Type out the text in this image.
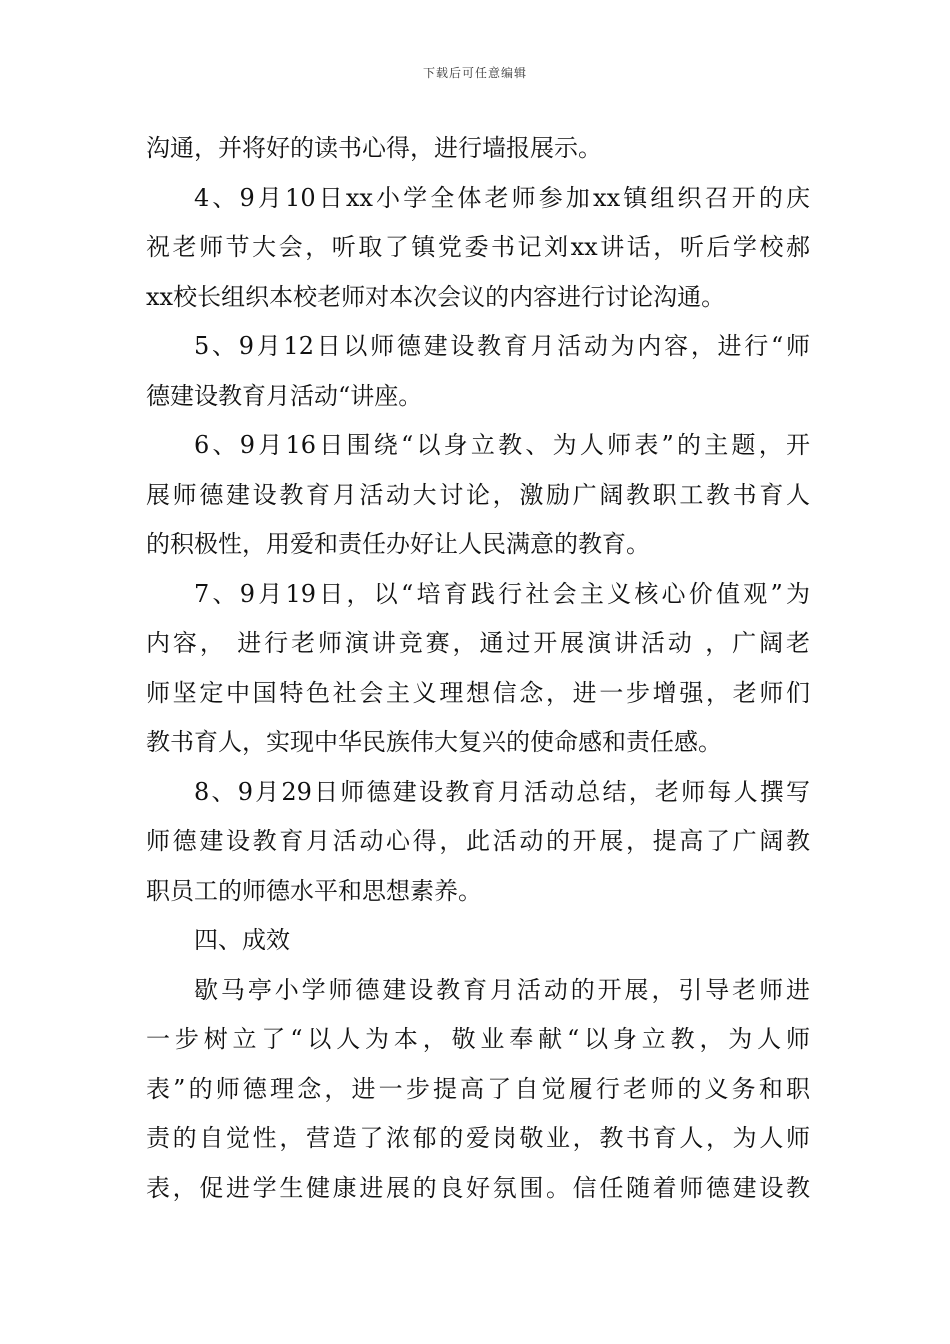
下载后可任意编辑
沟通，并将好的读书心得，进行墙报展示。
4、9月10日xx小学全体老师参加xx镇组织召开的庆
祝老师节大会，听取了镇党委书记刘xx讲话，听后学校郝
xx校长组织本校老师对本次会议的内容进行讨论沟通。
5、9月12日以师德建设教育月活动为内容，进行“师
德建设教育月活动“讲座。
6、9月16日围绕“以身立教、为人师表”的主题，开
展师德建设教育月活动大讨论，激励广阔教职工教书育人
的积极性，用爱和责任办好让人民满意的教育。
7、9月19日，以“培育践行社会主义核心价值观”为
内容， 进行老师演讲竞赛，通过开展演讲活动 ，广阔老
师坚定中国特色社会主义理想信念，进一步增强，老师们
教书育人，实现中华民族伟大复兴的使命感和责任感。
8、9月29日师德建设教育月活动总结，老师每人撰写
师德建设教育月活动心得，此活动的开展，提高了广阔教
职员工的师德水平和思想素养。
四、成效
歇马亭小学师德建设教育月活动的开展，引导老师进
一步树立了“以人为本，敬业奉献“以身立教，为人师
表”的师德理念，进一步提高了自觉履行老师的义务和职
责的自觉性，营造了浓郁的爱岗敬业，教书育人，为人师
表，促进学生健康进展的良好氛围。信任随着师德建设教
